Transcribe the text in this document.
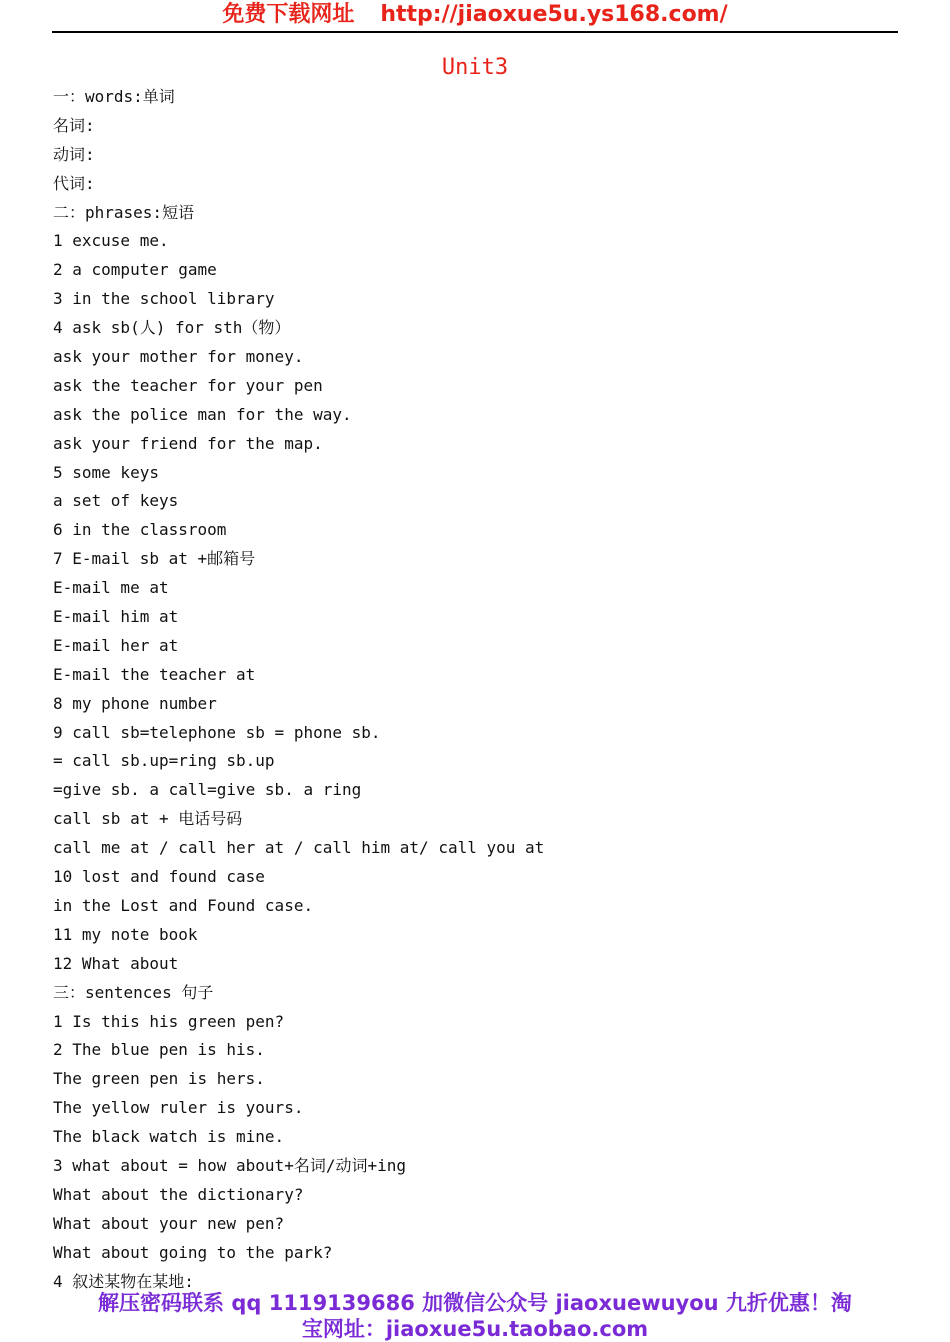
免费下载网址 http://jiaoxue5u.ys168.com/
Unit3
一：words:单词
名词:
动词:
代词:
二：phrases:短语
1 excuse me.
2 a computer game
3 in the school library
4 ask sb(人) for sth（物）
ask your mother for money.
ask the teacher for your pen
ask the police man for the way.
ask your friend for the map.
5 some keys
a set of keys
6 in the classroom
7 E-mail sb at +邮箱号
E-mail me at
E-mail him at
E-mail her at
E-mail the teacher at
8 my phone number
9 call sb=telephone sb = phone sb.
= call sb.up=ring sb.up
=give sb. a call=give sb. a ring
call sb at + 电话号码
call me at / call her at / call him at/ call you at
10 lost and found case
in the Lost and Found case.
11 my note book
12 What about
三：sentences 句子
1 Is this his green pen?
2 The blue pen is his.
The green pen is hers.
The yellow ruler is yours.
The black watch is mine.
3 what about = how about+名词/动词+ing
What about the dictionary?
What about your new pen?
What about going to the park?
4 叙述某物在某地:
解压密码联系 qq 1119139686 加微信公众号 jiaoxuewuyou 九折优惠！淘
宝网址：jiaoxue5u.taobao.com
